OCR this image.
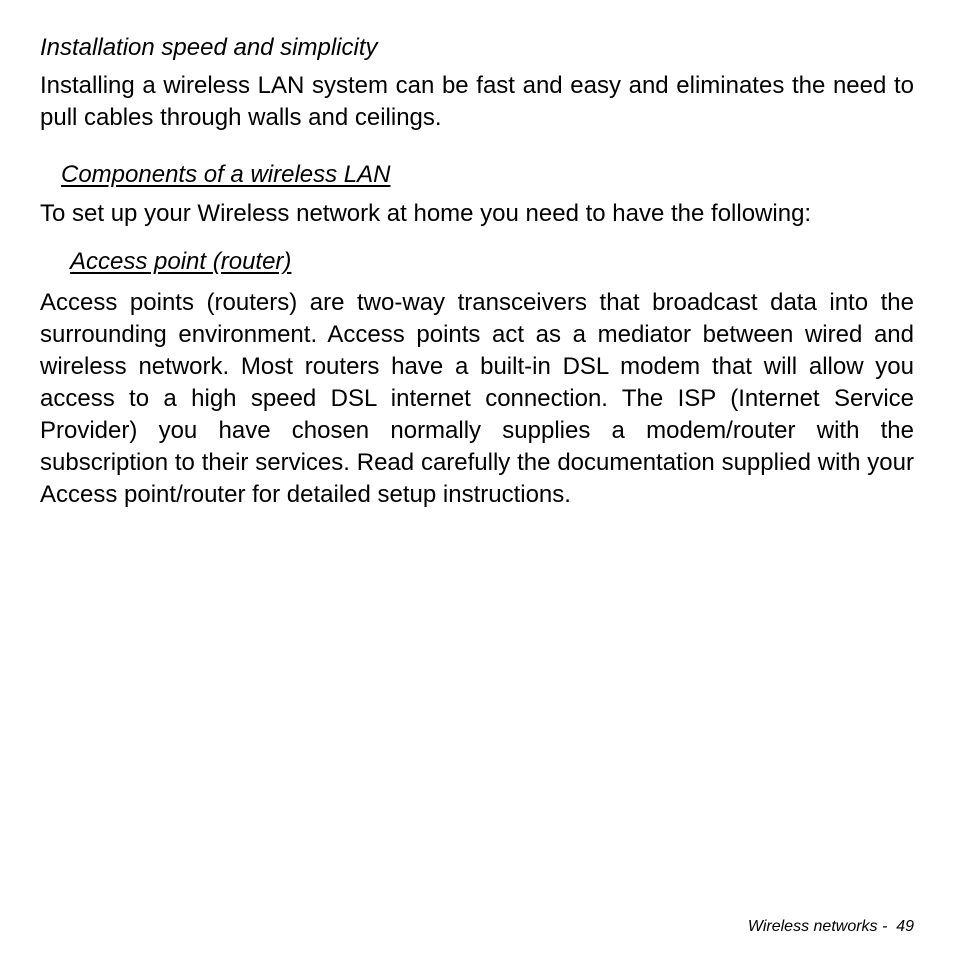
Installation speed and simplicity

Installing a wireless LAN system can be fast and easy and eliminates the need to pull cables through walls and ceilings.

Components of a wireless LAN

To set up your Wireless network at home you need to have the following:

Access point (router)

Access points (routers) are two-way transceivers that broadcast data into the surrounding environment. Access points act as a mediator between wired and wireless network. Most routers have a built-in DSL modem that will allow you access to a high speed DSL internet connection. The ISP (Internet Service Provider) you have chosen normally supplies a modem/router with the subscription to their services. Read carefully the documentation supplied with your Access point/router for detailed setup instructions.

Wireless networks - 49
